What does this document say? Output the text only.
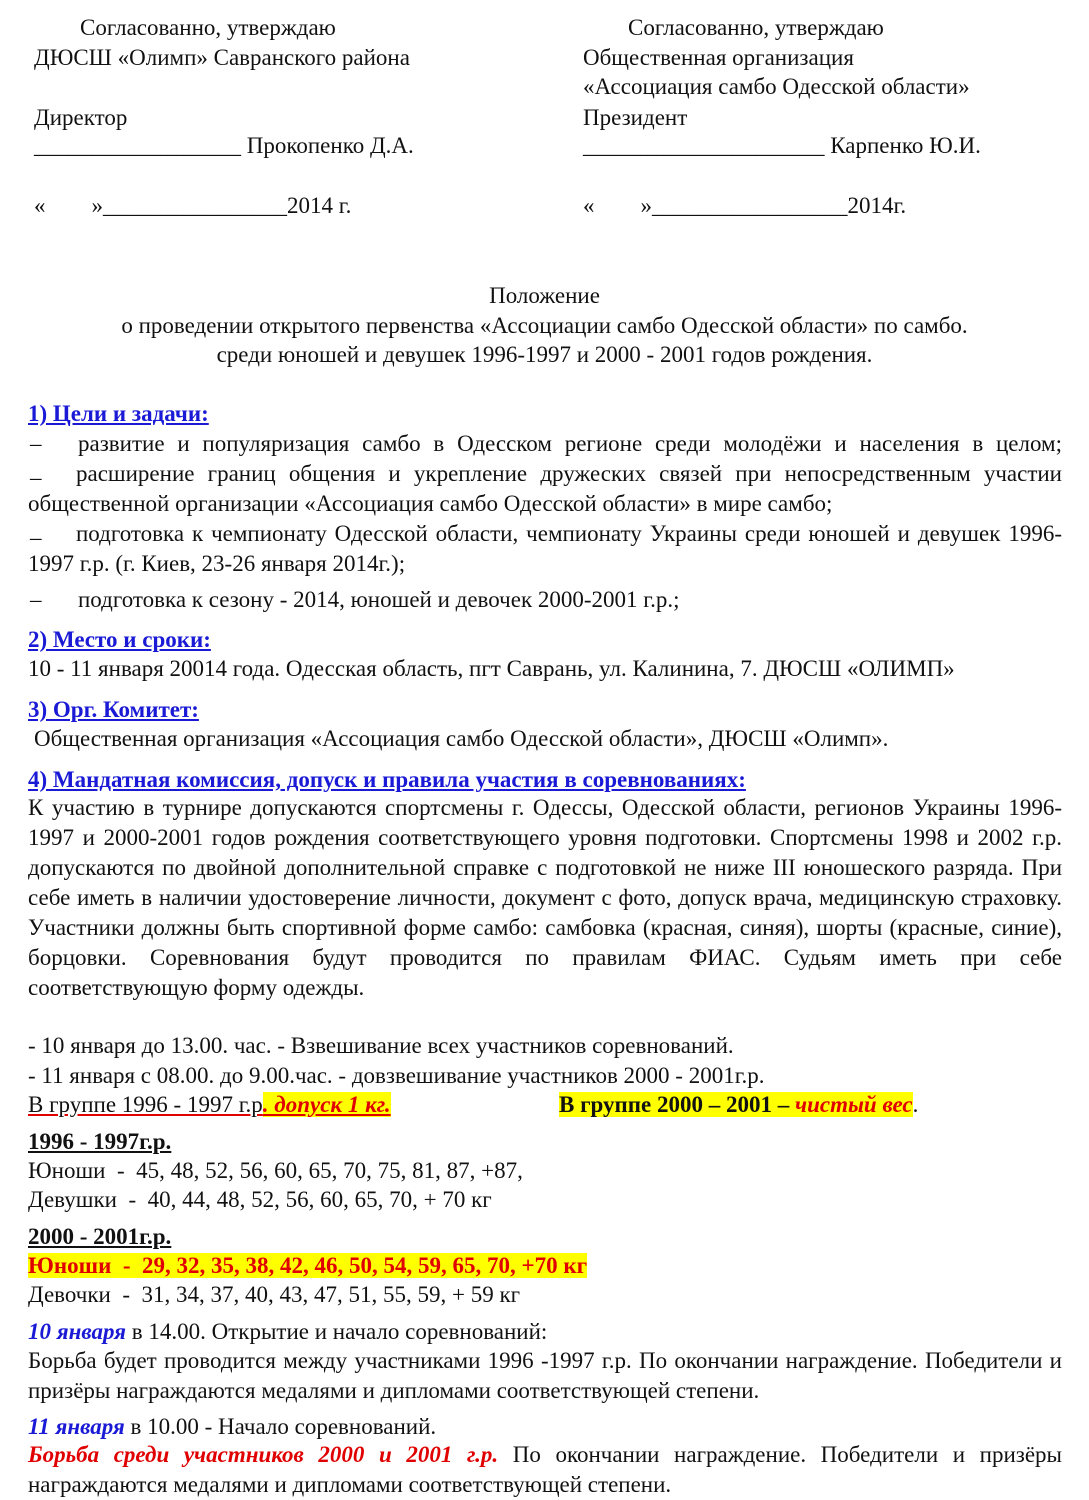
Согласованно, утверждаю
ДЮСШ «Олимп» Савранского района
Директор
__________________ Прокопенко Д.А.
«        »________________2014 г.
Согласованно, утверждаю
Общественная организация
«Ассоциация самбо Одесской области»
Президент
_____________________ Карпенко Ю.И.
«        »_________________2014г.
Положение
о проведении открытого первенства «Ассоциации самбо Одесской области» по самбо.
среди юношей и девушек 1996-1997 и 2000 - 2001 годов рождения.
1) Цели и задачи:
– развитие и популяризация самбо в Одесском регионе среди молодёжи и населения в целом;
–	расширение границ общения и укрепление дружеских связей при непосредственным участии общественной организации «Ассоциация самбо Одесской области» в мире самбо;
–	подготовка к чемпионату Одесской области, чемпионату Украины среди юношей и девушек 1996-1997 г.р. (г. Киев, 23-26 января 2014г.);
– подготовка к сезону - 2014, юношей и девочек 2000-2001 г.р.;
2) Место и сроки:
10 - 11 января 20014 года. Одесская область, пгт Саврань, ул. Калинина, 7. ДЮСШ «ОЛИМП»
3) Орг. Комитет:
Общественная организация «Ассоциация самбо Одесской области», ДЮСШ «Олимп».
4) Мандатная комиссия, допуск и правила участия в соревнованиях:
К участию в турнире допускаются спортсмены г. Одессы, Одесской области, регионов Украины 1996-1997 и 2000-2001 годов рождения соответствующего уровня подготовки. Спортсмены 1998 и 2002 г.р. допускаются по двойной дополнительной справке с подготовкой не ниже III юношеского разряда. При себе иметь в наличии удостоверение личности, документ с фото, допуск врача, медицинскую страховку. Участники должны быть спортивной форме самбо: самбовка (красная, синяя), шорты (красные, синие), борцовки. Соревнования будут проводится по правилам ФИАС. Судьям иметь при себе соответствующую форму одежды.
- 10 января до 13.00. час. - Взвешивание всех участников соревнований.
- 11 января с 08.00. до 9.00.час. - довзвешивание участников 2000 - 2001г.р.
В группе 1996 - 1997 г.р. допуск 1 кг.	В группе 2000 – 2001 – чистый вес.
1996 - 1997г.р.
Юноши  -  45, 48, 52, 56, 60, 65, 70, 75, 81, 87, +87,
Девушки  -  40, 44, 48, 52, 56, 60, 65, 70, + 70 кг
2000 - 2001г.р.
Юноши  -  29, 32, 35, 38, 42, 46, 50, 54, 59, 65, 70, +70 кг
Девочки  -  31, 34, 37, 40, 43, 47, 51, 55, 59, + 59 кг
10 января в 14.00. Открытие и начало соревнований:
Борьба будет проводится между участниками 1996 -1997 г.р. По окончании награждение. Победители и призёры награждаются медалями и дипломами соответствующей степени.
11 января в 10.00 - Начало соревнований.
Борьба среди участников 2000 и 2001 г.р. По окончании награждение. Победители и призёры награждаются медалями и дипломами соответствующей степени.
